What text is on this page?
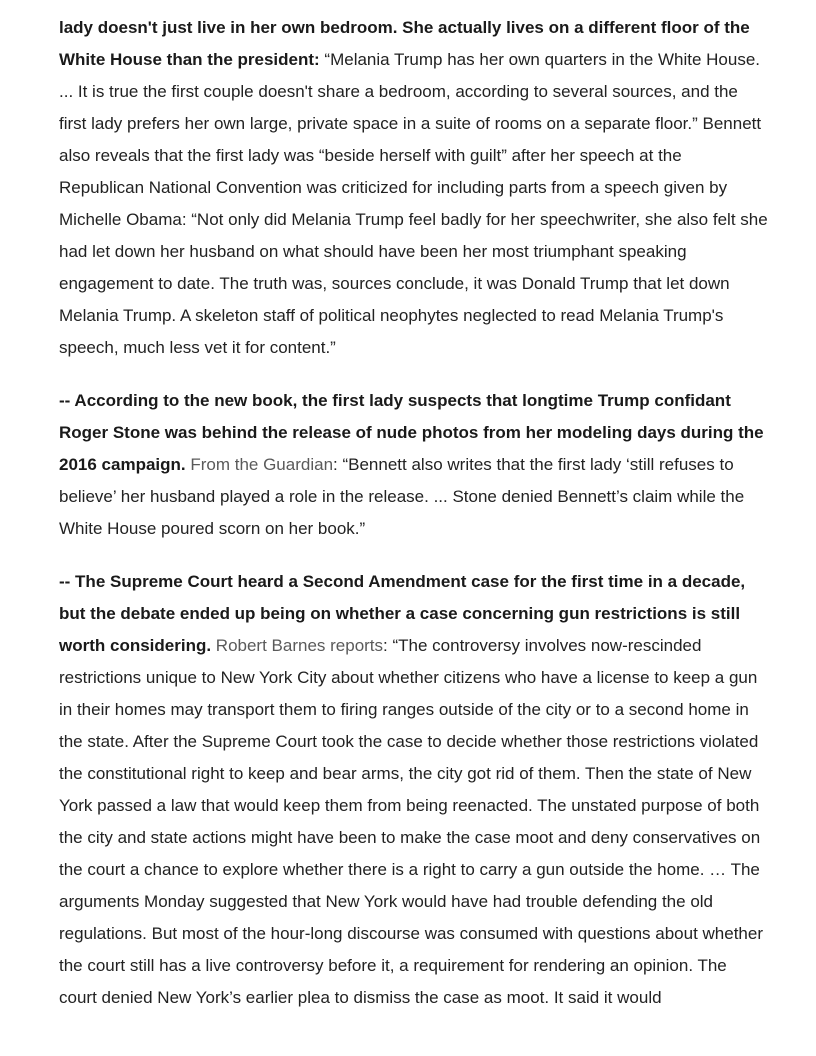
lady doesn't just live in her own bedroom. She actually lives on a different floor of the White House than the president: “Melania Trump has her own quarters in the White House. ... It is true the first couple doesn't share a bedroom, according to several sources, and the first lady prefers her own large, private space in a suite of rooms on a separate floor.” Bennett also reveals that the first lady was “beside herself with guilt” after her speech at the Republican National Convention was criticized for including parts from a speech given by Michelle Obama: “Not only did Melania Trump feel badly for her speechwriter, she also felt she had let down her husband on what should have been her most triumphant speaking engagement to date. The truth was, sources conclude, it was Donald Trump that let down Melania Trump. A skeleton staff of political neophytes neglected to read Melania Trump's speech, much less vet it for content.”

-- According to the new book, the first lady suspects that longtime Trump confidant Roger Stone was behind the release of nude photos from her modeling days during the 2016 campaign. From the Guardian: “Bennett also writes that the first lady ‘still refuses to believe’ her husband played a role in the release. ... Stone denied Bennett’s claim while the White House poured scorn on her book.”

-- The Supreme Court heard a Second Amendment case for the first time in a decade, but the debate ended up being on whether a case concerning gun restrictions is still worth considering. Robert Barnes reports: “The controversy involves now-rescinded restrictions unique to New York City about whether citizens who have a license to keep a gun in their homes may transport them to firing ranges outside of the city or to a second home in the state. After the Supreme Court took the case to decide whether those restrictions violated the constitutional right to keep and bear arms, the city got rid of them. Then the state of New York passed a law that would keep them from being reenacted. The unstated purpose of both the city and state actions might have been to make the case moot and deny conservatives on the court a chance to explore whether there is a right to carry a gun outside the home. … The arguments Monday suggested that New York would have had trouble defending the old regulations. But most of the hour-long discourse was consumed with questions about whether the court still has a live controversy before it, a requirement for rendering an opinion. The court denied New York’s earlier plea to dismiss the case as moot. It said it would
